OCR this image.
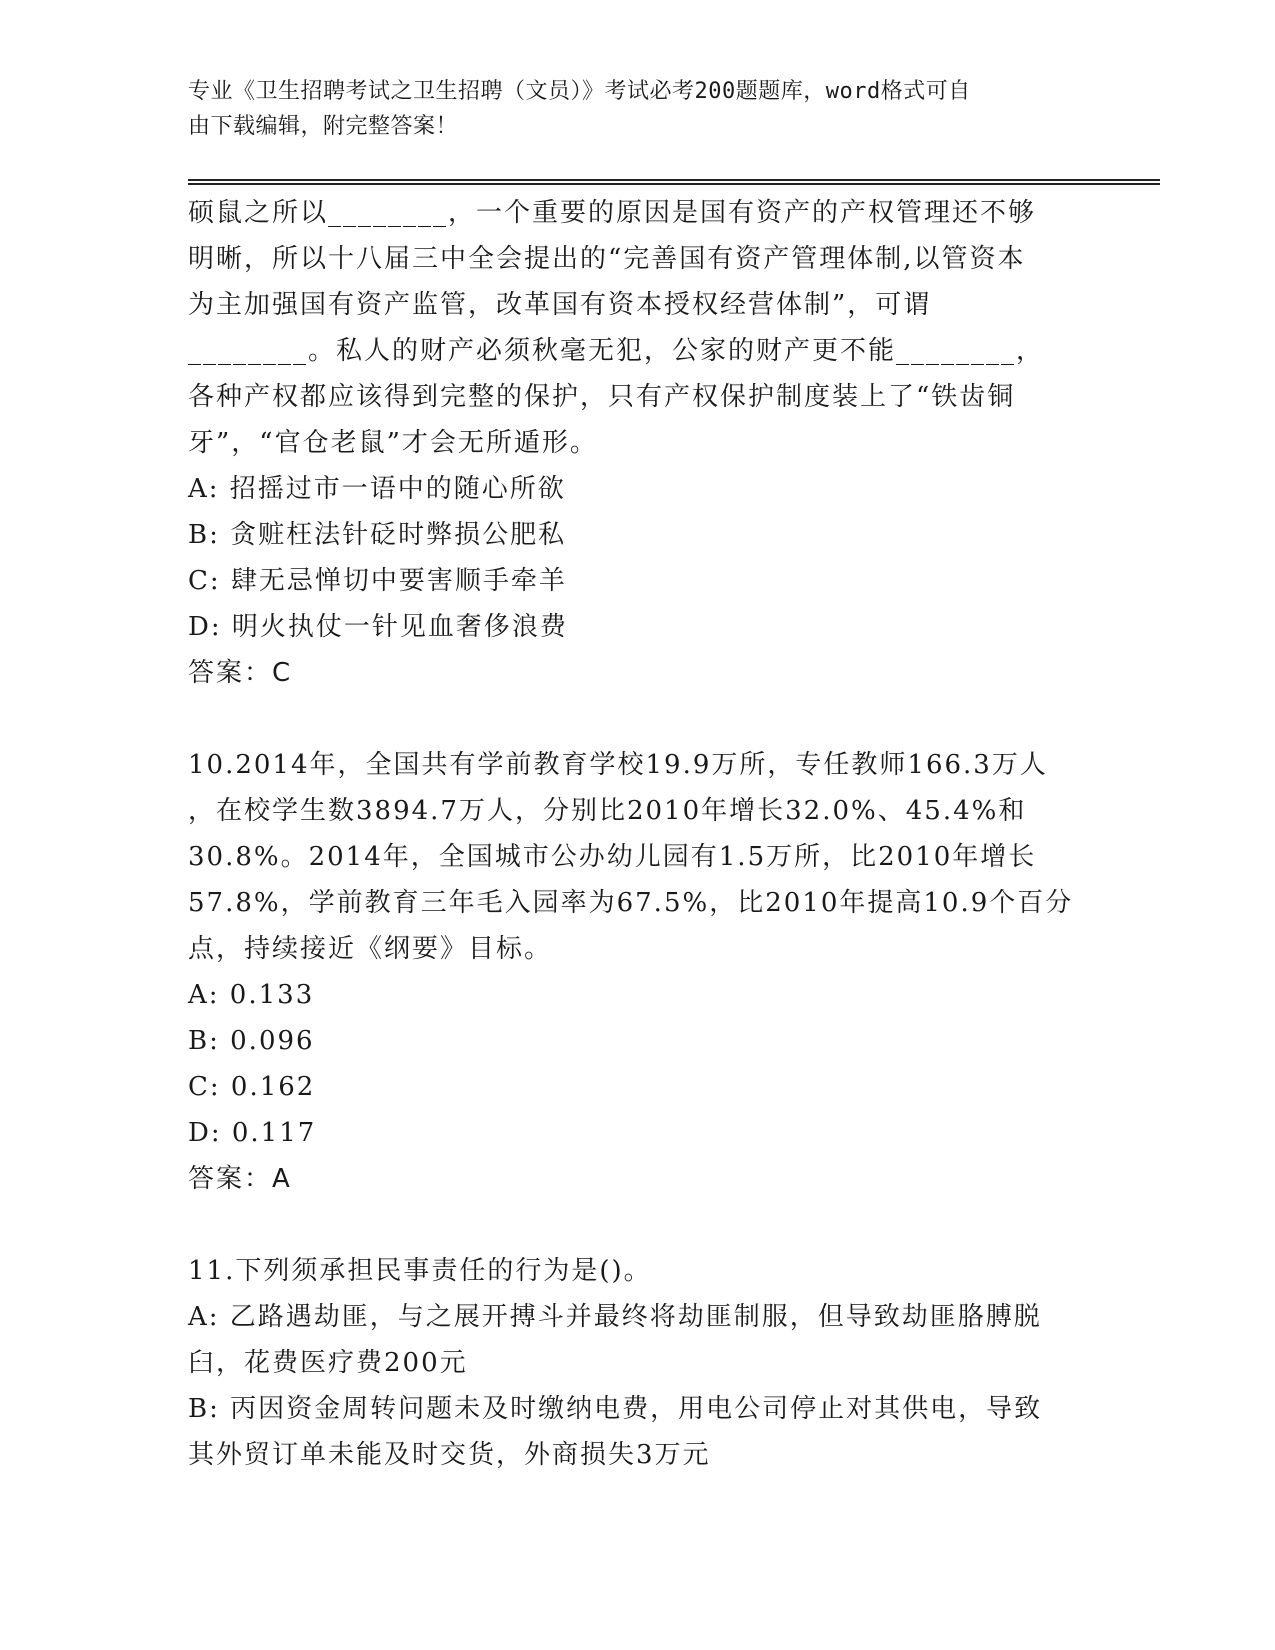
专业《卫生招聘考试之卫生招聘（文员）》考试必考200题题库，word格式可自
由下载编辑，附完整答案！

硕鼠之所以________，一个重要的原因是国有资产的产权管理还不够

明晰，所以十八届三中全会提出的“完善国有资产管理体制,以管资本

为主加强国有资产监管，改革国有资本授权经营体制”，可谓

________。私人的财产必须秋毫无犯，公家的财产更不能________，

各种产权都应该得到完整的保护，只有产权保护制度装上了“铁齿铜

牙”，“官仓老鼠”才会无所遁形。

A: 招摇过市一语中的随心所欲

B: 贪赃枉法针砭时弊损公肥私

C: 肆无忌惮切中要害顺手牵羊

D: 明火执仗一针见血奢侈浪费

答案：C

10.2014年，全国共有学前教育学校19.9万所，专任教师166.3万人

，在校学生数3894.7万人，分别比2010年增长32.0%、45.4%和

30.8%。2014年，全国城市公办幼儿园有1.5万所，比2010年增长

57.8%，学前教育三年毛入园率为67.5%，比2010年提高10.9个百分

点，持续接近《纲要》目标。

A: 0.133

B: 0.096

C: 0.162

D: 0.117

答案：A

11.下列须承担民事责任的行为是()。

A: 乙路遇劫匪，与之展开搏斗并最终将劫匪制服，但导致劫匪胳膊脱

臼，花费医疗费200元

B: 丙因资金周转问题未及时缴纳电费，用电公司停止对其供电，导致

其外贸订单未能及时交货，外商损失3万元
